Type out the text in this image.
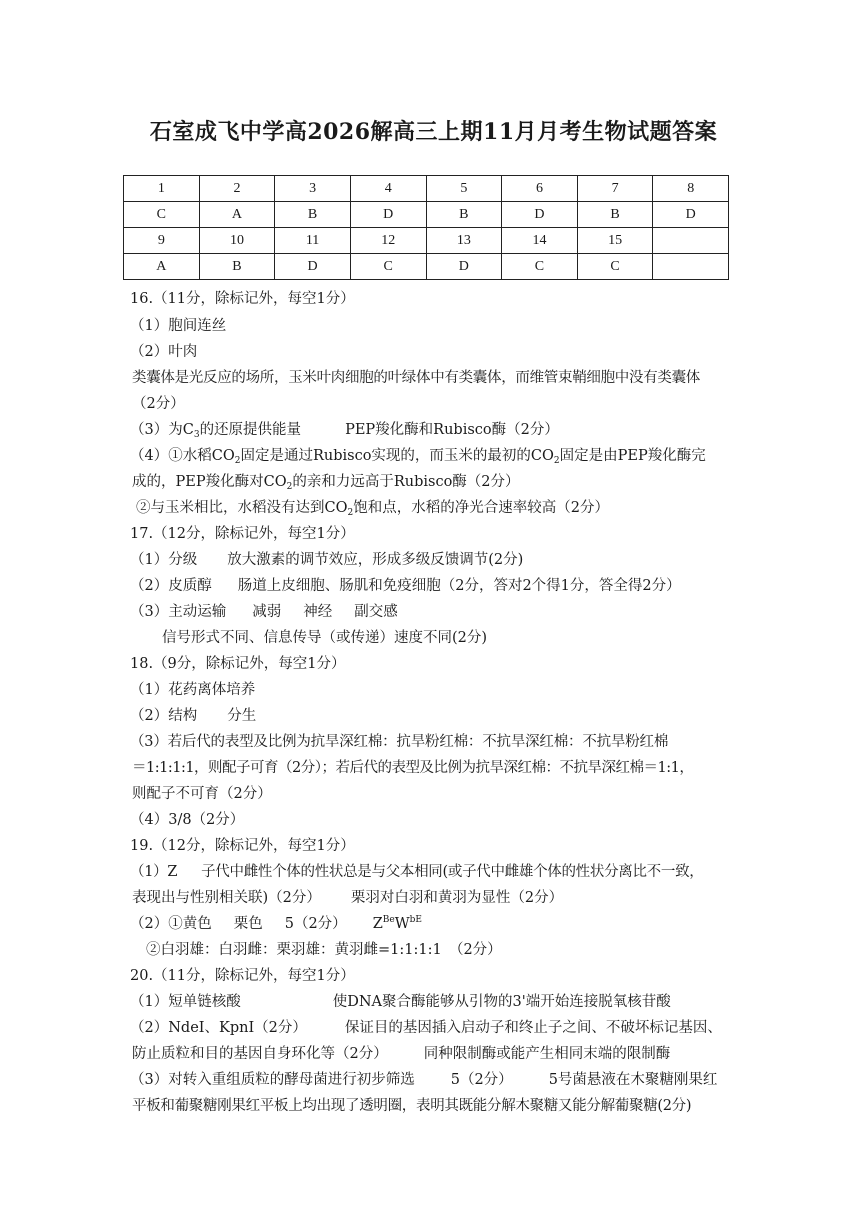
石室成飞中学高2026解高三上期11月月考生物试题答案
1	2	3	4	5	6	7	8
C	A	B	D	B	D	B	D
9	10	11	12	13	14	15	
A	B	D	C	D	C	C	
16.（11分，除标记外，每空1分）
（1）胞间连丝
（2）叶肉
类囊体是光反应的场所，玉米叶肉细胞的叶绿体中有类囊体，而维管束鞘细胞中没有类囊体
（2分）
（3）为$C_3$的还原提供能量	PEP羧化酶和Rubisco酶（2分）
（4）①水稻$CO_2$固定是通过Rubisco实现的，而玉米的最初的$CO_2$固定是由PEP羧化酶完
成的，PEP羧化酶对$CO_2$的亲和力远高于Rubisco酶（2分）
②与玉米相比，水稻没有达到$CO_2$饱和点，水稻的净光合速率较高（2分）
17.（12分，除标记外，每空1分）
（1）分级 放大激素的调节效应，形成多级反馈调节(2分)
（2）皮质醇 肠道上皮细胞、肠肌和免疫细胞（2分，答对2个得1分，答全得2分）
（3）主动运输 减弱 神经 副交感
信号形式不同、信息传导（或传递）速度不同(2分)
18.（9分，除标记外，每空1分）
（1）花药离体培养
（2）结构 分生
（3）若后代的表型及比例为抗旱深红棉：抗旱粉红棉：不抗旱深红棉：不抗旱粉红棉
＝1:1:1:1，则配子可育（2分）；若后代的表型及比例为抗旱深红棉：不抗旱深红棉＝1:1，
则配子不可育（2分）
（4）3/8（2分）
19.（12分，除标记外，每空1分）
（1）Z 子代中雌性个体的性状总是与父本相同(或子代中雌雄个体的性状分离比不一致，
表现出与性别相关联)（2分） 栗羽对白羽和黄羽为显性（2分）
（2）①黄色 栗色 5（2分） $Z^{Be}W^{bE}$
②白羽雄：白羽雌：栗羽雄：黄羽雌=1:1:1:1　（2分）
20.（11分，除标记外，每空1分）
（1）短单链核酸	使DNA聚合酶能够从引物的3'端开始连接脱氧核苷酸
（2）NdeI、KpnI（2分）	保证目的基因插入启动子和终止子之间、不破坏标记基因、
防止质粒和目的基因自身环化等（2分） 同种限制酶或能产生相同末端的限制酶
（3）对转入重组质粒的酵母菌进行初步筛选 5（2分） 5号菌悬液在木聚糖刚果红
平板和葡聚糖刚果红平板上均出现了透明圈，表明其既能分解木聚糖又能分解葡聚糖(2分)
